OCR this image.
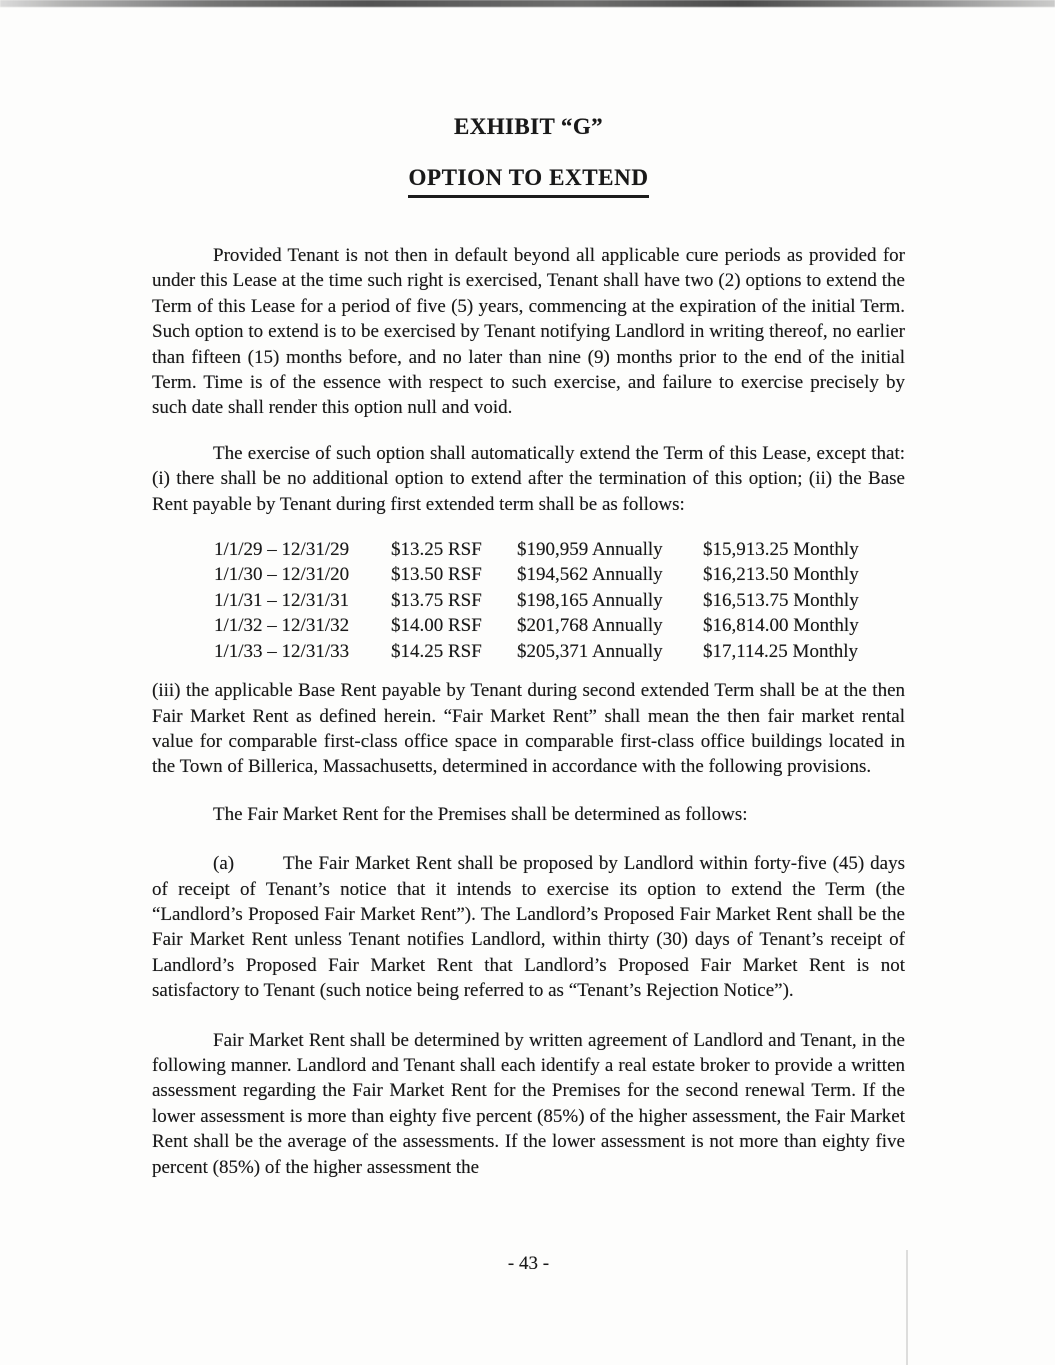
EXHIBIT “G”
OPTION TO EXTEND

Provided Tenant is not then in default beyond all applicable cure periods as provided for under this Lease at the time such right is exercised, Tenant shall have two (2) options to extend the Term of this Lease for a period of five (5) years, commencing at the expiration of the initial Term. Such option to extend is to be exercised by Tenant notifying Landlord in writing thereof, no earlier than fifteen (15) months before, and no later than nine (9) months prior to the end of the initial Term. Time is of the essence with respect to such exercise, and failure to exercise precisely by such date shall render this option null and void.

The exercise of such option shall automatically extend the Term of this Lease, except that: (i) there shall be no additional option to extend after the termination of this option; (ii) the Base Rent payable by Tenant during first extended term shall be as follows:

1/1/29 – 12/31/29 $13.25 RSF $190,959 Annually $15,913.25 Monthly
1/1/30 – 12/31/20 $13.50 RSF $194,562 Annually $16,213.50 Monthly
1/1/31 – 12/31/31 $13.75 RSF $198,165 Annually $16,513.75 Monthly
1/1/32 – 12/31/32 $14.00 RSF $201,768 Annually $16,814.00 Monthly
1/1/33 – 12/31/33 $14.25 RSF $205,371 Annually $17,114.25 Monthly

(iii) the applicable Base Rent payable by Tenant during second extended Term shall be at the then Fair Market Rent as defined herein. “Fair Market Rent” shall mean the then fair market rental value for comparable first-class office space in comparable first-class office buildings located in the Town of Billerica, Massachusetts, determined in accordance with the following provisions.

The Fair Market Rent for the Premises shall be determined as follows:

(a)	The Fair Market Rent shall be proposed by Landlord within forty-five (45) days of receipt of Tenant’s notice that it intends to exercise its option to extend the Term (the “Landlord’s Proposed Fair Market Rent”). The Landlord’s Proposed Fair Market Rent shall be the Fair Market Rent unless Tenant notifies Landlord, within thirty (30) days of Tenant’s receipt of Landlord’s Proposed Fair Market Rent that Landlord’s Proposed Fair Market Rent is not satisfactory to Tenant (such notice being referred to as “Tenant’s Rejection Notice”).

Fair Market Rent shall be determined by written agreement of Landlord and Tenant, in the following manner. Landlord and Tenant shall each identify a real estate broker to provide a written assessment regarding the Fair Market Rent for the Premises for the second renewal Term. If the lower assessment is more than eighty five percent (85%) of the higher assessment, the Fair Market Rent shall be the average of the assessments. If the lower assessment is not more than eighty five percent (85%) of the higher assessment the

- 43 -
